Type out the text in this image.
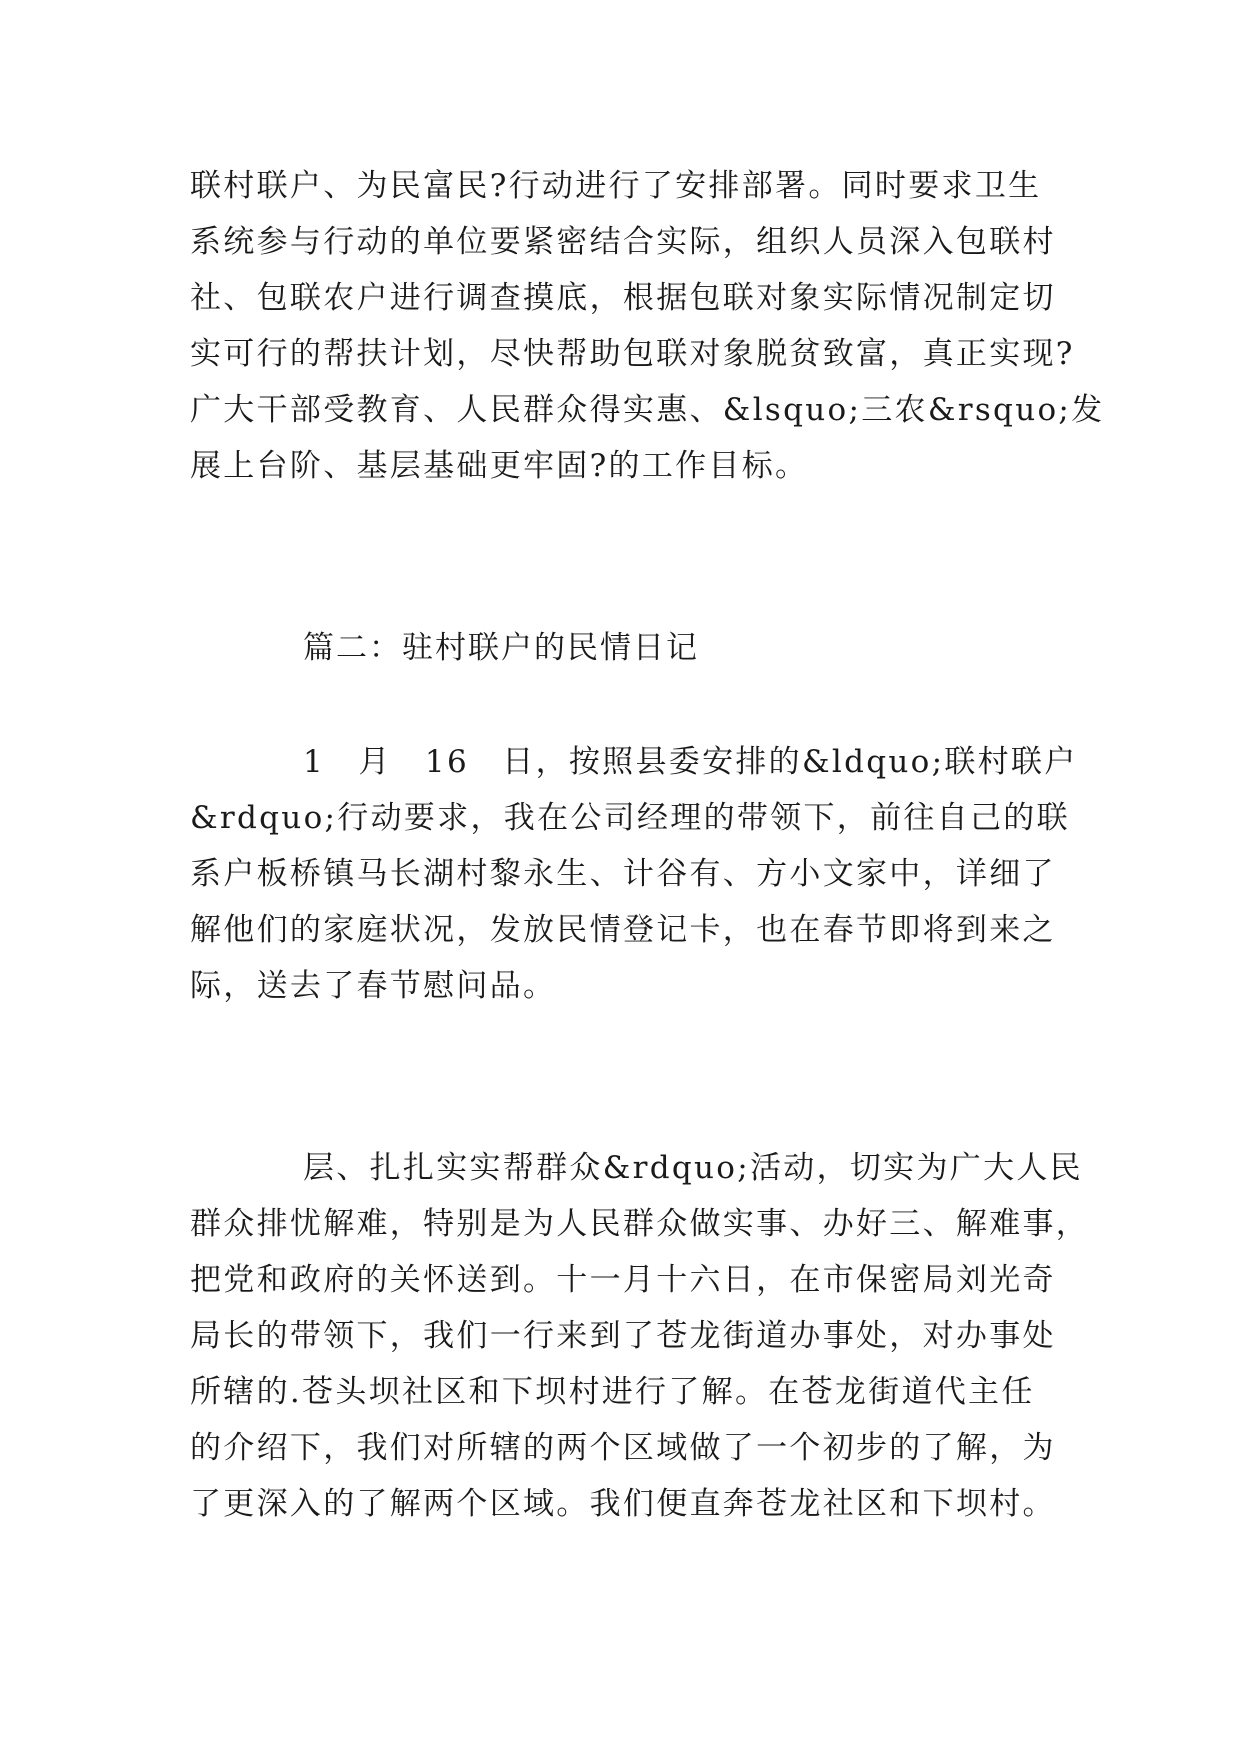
联村联户、为民富民?行动进行了安排部署。同时要求卫生
系统参与行动的单位要紧密结合实际，组织人员深入包联村
社、包联农户进行调查摸底，根据包联对象实际情况制定切
实可行的帮扶计划，尽快帮助包联对象脱贫致富，真正实现?
广大干部受教育、人民群众得实惠、&lsquo;三农&rsquo;发
展上台阶、基层基础更牢固?的工作目标。
篇二：驻村联户的民情日记
1　月　16　日，按照县委安排的&ldquo;联村联户
&rdquo;行动要求，我在公司经理的带领下，前往自己的联
系户板桥镇马长湖村黎永生、计谷有、方小文家中，详细了
解他们的家庭状况，发放民情登记卡，也在春节即将到来之
际，送去了春节慰问品。
层、扎扎实实帮群众&rdquo;活动，切实为广大人民
群众排忧解难，特别是为人民群众做实事、办好三、解难事，
把党和政府的关怀送到。十一月十六日，在市保密局刘光奇
局长的带领下，我们一行来到了苍龙街道办事处，对办事处
所辖的.苍头坝社区和下坝村进行了解。在苍龙街道代主任
的介绍下，我们对所辖的两个区域做了一个初步的了解，为
了更深入的了解两个区域。我们便直奔苍龙社区和下坝村。
